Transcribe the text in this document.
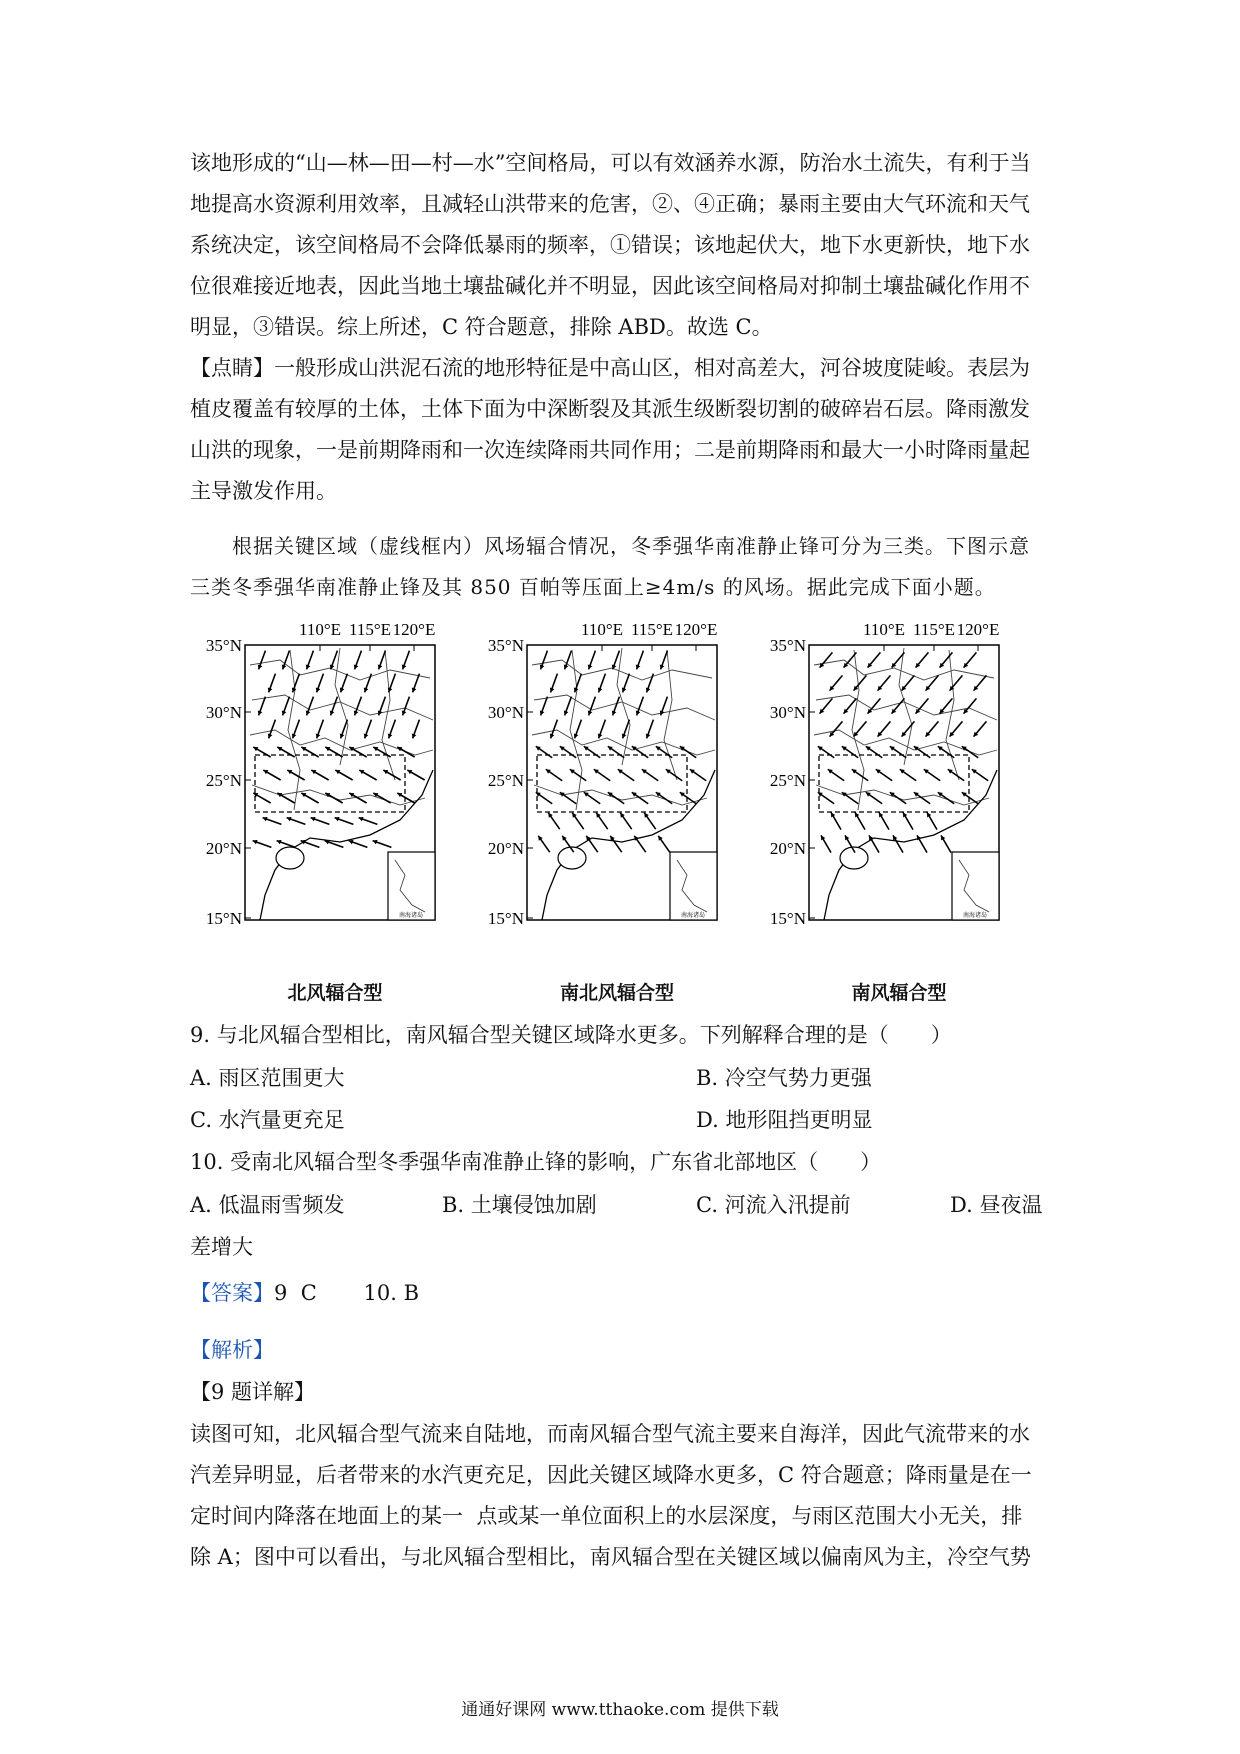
该地形成的“山—林—田—村—水”空间格局，可以有效涵养水源，防治水土流失，有利于当

地提高水资源利用效率，且减轻山洪带来的危害，②、④正确；暴雨主要由大气环流和天气

系统决定，该空间格局不会降低暴雨的频率，①错误；该地起伏大，地下水更新快，地下水

位很难接近地表，因此当地土壤盐碱化并不明显，因此该空间格局对抑制土壤盐碱化作用不

明显，③错误。综上所述，C 符合题意，排除 ABD。故选 C。

【点睛】一般形成山洪泥石流的地形特征是中高山区，相对高差大，河谷坡度陡峻。表层为

植皮覆盖有较厚的土体，土体下面为中深断裂及其派生级断裂切割的破碎岩石层。降雨激发

山洪的现象，一是前期降雨和一次连续降雨共同作用；二是前期降雨和最大一小时降雨量起

主导激发作用。

根据关键区域（虚线框内）风场辐合情况，冬季强华南准静止锋可分为三类。下图示意

三类冬季强华南准静止锋及其 850 百帕等压面上≥4m/s 的风场。据此完成下面小题。

110°E 115°E 120°E
35°N
30°N
25°N
20°N
15°N	南海诸岛
北风辐合型
110°E 115°E 120°E
35°N
30°N
25°N
20°N
15°N	南海诸岛
南北风辐合型
110°E 115°E 120°E
35°N
30°N
25°N
20°N
15°N	南海诸岛
南风辐合型
9. 与北风辐合型相比，南风辐合型关键区域降水更多。下列解释合理的是（　　）
A. 雨区范围更大	B. 冷空气势力更强
C. 水汽量更充足	D. 地形阻挡更明显
10. 受南北风辐合型冬季强华南准静止锋的影响，广东省北部地区（　　）
A. 低温雨雪频发	B. 土壤侵蚀加剧	C. 河流入汛提前	D. 昼夜温
差增大
【答案】9  C       10. B
【解析】
【9 题详解】

读图可知，北风辐合型气流来自陆地，而南风辐合型气流主要来自海洋，因此气流带来的水

汽差异明显，后者带来的水汽更充足，因此关键区域降水更多，C 符合题意；降雨量是在一

定时间内降落在地面上的某一  点或某一单位面积上的水层深度，与雨区范围大小无关，排

除 A；图中可以看出，与北风辐合型相比，南风辐合型在关键区域以偏南风为主，冷空气势

通通好课网 www.tthaoke.com 提供下载
